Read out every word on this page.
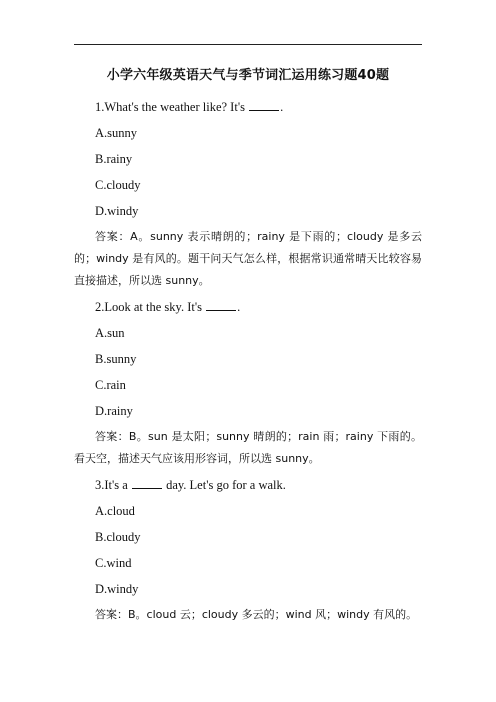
小学六年级英语天气与季节词汇运用练习题40题
1.What's the weather like? It's	.
A.sunny
B.rainy
C.cloudy
D.windy
答案：A。sunny 表示晴朗的；rainy 是下雨的；cloudy 是多云的；windy 是有风的。题干问天气怎么样，根据常识通常晴天比较容易直接描述，所以选 sunny。
2.Look at the sky. It's	.
A.sun
B.sunny
C.rain
D.rainy
答案：B。sun 是太阳；sunny 晴朗的；rain 雨；rainy 下雨的。看天空，描述天气应该用形容词，所以选 sunny。
3.It's a	day. Let's go for a walk.
A.cloud
B.cloudy
C.wind
D.windy
答案：B。cloud 云；cloudy 多云的；wind 风；windy 有风的。
